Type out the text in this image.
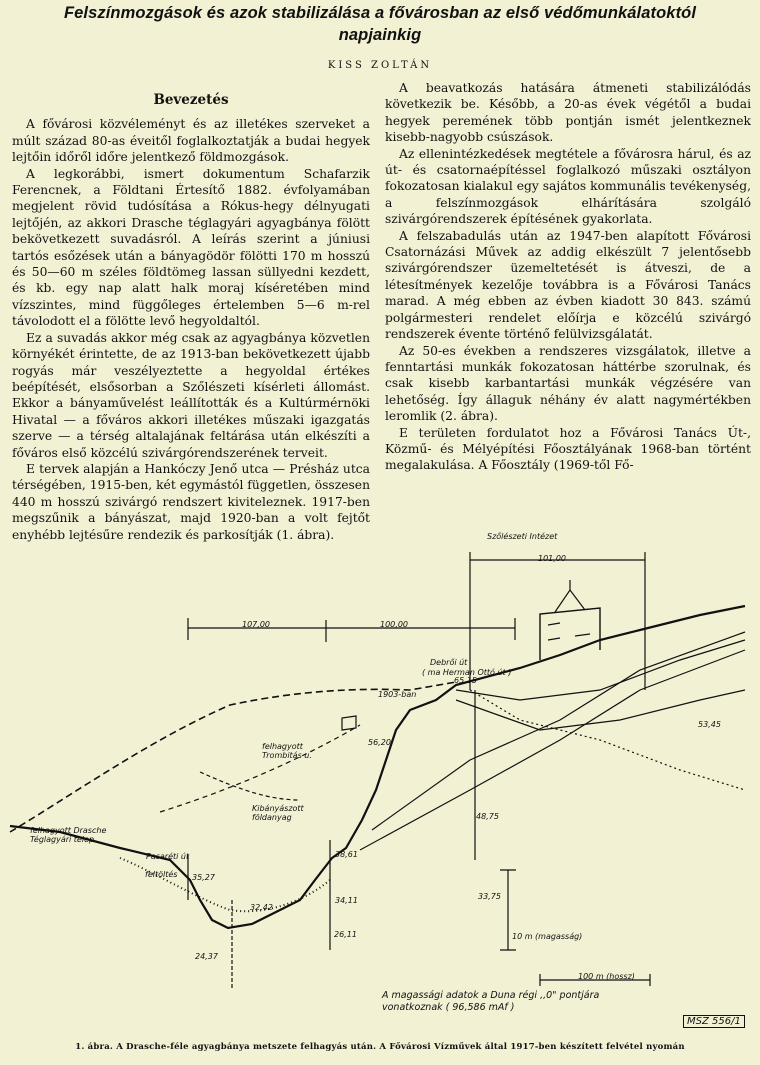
Felszínmozgások és azok stabilizálása a fővárosban az első védőmunkálatoktól
napjainkig
KISS ZOLTÁN
Bevezetés

A fővárosi közvéleményt és az illetékes szerveket a múlt század 80-as éveitől foglalkoztatják a budai hegyek lejtőin időről időre jelentkező földmozgások.

A legkorábbi, ismert dokumentum Schafarzik Ferencnek, a Földtani Értesítő 1882. évfolyamában megjelent rövid tudósítása a Rókus-hegy délnyugati lejtőjén, az akkori Drasche téglagyári agyagbánya fölött bekövetkezett suvadásról. A leírás szerint a júniusi tartós esőzések után a bányagödör fölötti 170 m hosszú és 50—60 m széles földtömeg lassan süllyedni kezdett, és kb. egy nap alatt halk moraj kíséretében mind vízszintes, mind függőleges értelemben 5—6 m-rel távolodott el a fölötte levő hegyoldaltól.

Ez a suvadás akkor még csak az agyagbánya közvetlen környékét érintette, de az 1913-ban bekövetkezett újabb rogyás már veszélyeztette a hegyoldal értékes beépítését, elsősorban a Szőlészeti kísérleti állomást. Ekkor a bányaművelést leállították és a Kultúrmérnöki Hivatal — a főváros akkori illetékes műszaki igazgatás szerve — a térség altalajának feltárása után elkészíti a főváros első közcélú szivárgórendszerének terveit.

E tervek alapján a Hankóczy Jenő utca — Présház utca térségében, 1915-ben, két egymástól független, összesen 440 m hosszú szivárgó rendszert kiviteleznek. 1917-ben megszűnik a bányászat, majd 1920-ban a volt fejtőt enyhébb lejtésűre rendezik és parkosítják (1. ábra).

A beavatkozás hatására átmeneti stabilizálódás következik be. Később, a 20-as évek végétől a budai hegyek peremének több pontján ismét jelentkeznek kisebb-nagyobb csúszások.

Az ellenintézkedések megtétele a fővárosra hárul, és az út- és csatornaépítéssel foglalkozó műszaki osztályon fokozatosan kialakul egy sajátos kommunális tevékenység, a felszínmozgások elhárítására szolgáló szivárgórendszerek építésének gyakorlata.

A felszabadulás után az 1947-ben alapított Fővárosi Csatornázási Művek az addig elkészült 7 jelentősebb szivárgórendszer üzemeltetését is átveszi, de a létesítmények kezelője továbbra is a Fővárosi Tanács marad. A még ebben az évben kiadott 30 843. számú polgármesteri rendelet előírja e közcélú szivárgó rendszerek évente történő felülvizsgálatát.

Az 50-es években a rendszeres vizsgálatok, illetve a fenntartási munkák fokozatosan háttérbe szorulnak, és csak kisebb karbantartási munkák végzésére van lehetőség. Így állaguk néhány év alatt nagymértékben leromlik (2. ábra).

E területen fordulatot hoz a Fővárosi Tanács Út-, Közmű- és Mélyépítési Főosztályának 1968-ban történt megalakulása. A Főosztály (1969-től Fő-

Szőlészeti Intézet
101,00
107,00	100,00
Debrői út
( ma Herman Ottó út )
1903-ban
felhagyott Trombitás u.
Kibányászott földanyag
felhagyott Drasche Téglagyári telep
Pasaréti út
feltöltés
65,15
56,20
53,45
38,61
35,27
32,42
34,11	33,75
26,11
24,37
48,75
10 m (magasság)
100 m (hossz)
A magassági adatok a Duna régi ,,0" pontjára vonatkoznak ( 96,586 mAf )
MSZ 556/1
1. ábra. A Drasche-féle agyagbánya metszete felhagyás után. A Fővárosi Vízművek által 1917-ben készített felvétel nyomán
